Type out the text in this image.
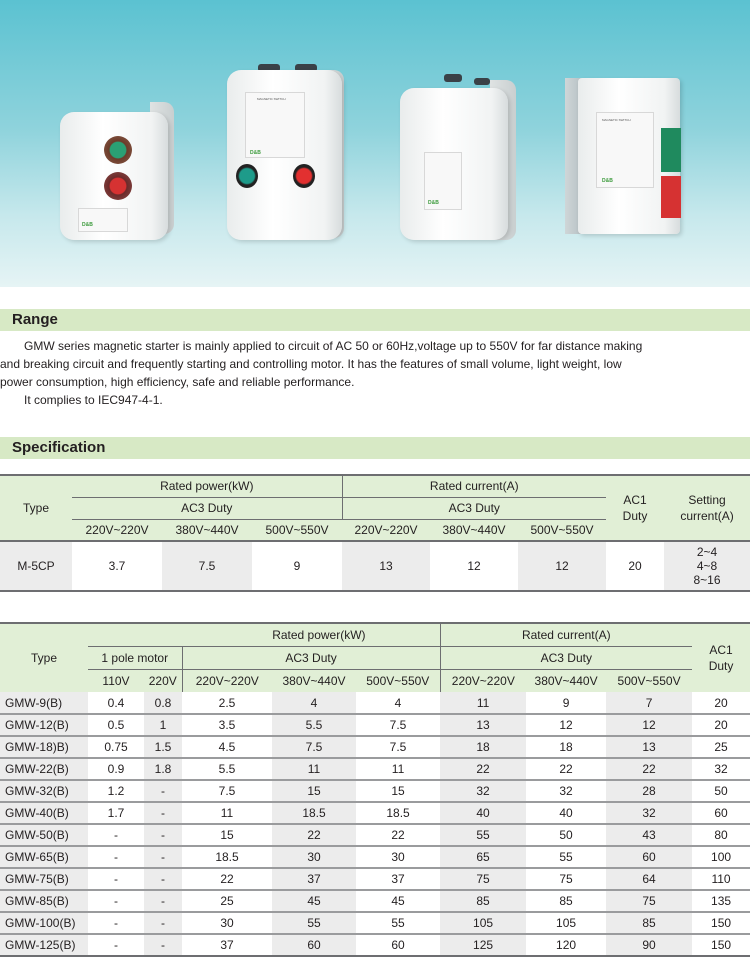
D&B
MAGNETIC SWITCH
D&B
D&B
MAGNETIC SWITCH
D&B
Range
GMW series magnetic starter is mainly applied to circuit of AC 50 or 60Hz,voltage up to 550V for far distance making
and breaking circuit and frequently starting and controlling motor. It has the features of small volume, light weight, low
power consumption, high efficiency, safe and reliable performance.
It complies to IEC947-4-1.
Specification
Type	Rated power(kW)			Rated current(A)			AC1 Duty	Setting current(A)
	AC3 Duty			AC3 Duty				
	220V~220V	380V~440V	500V~550V	220V~220V	380V~440V	500V~550V		
M-5CP	3.7	7.5	9	13	12	12	20	2~4
4~8
8~16
Type	Rated power(kW)					Rated current(A)			AC1 Duty
	1 pole motor		AC3 Duty			AC3 Duty			
	110V	220V	220V~220V	380V~440V	500V~550V	220V~220V	380V~440V	500V~550V	
GMW-9(B)	0.4	0.8	2.5	4	4	11	9	7	20
GMW-12(B)	0.5	1	3.5	5.5	7.5	13	12	12	20
GMW-18)B)	0.75	1.5	4.5	7.5	7.5	18	18	13	25
GMW-22(B)	0.9	1.8	5.5	11	11	22	22	22	32
GMW-32(B)	1.2	-	7.5	15	15	32	32	28	50
GMW-40(B)	1.7	-	11	18.5	18.5	40	40	32	60
GMW-50(B)	-	-	15	22	22	55	50	43	80
GMW-65(B)	-	-	18.5	30	30	65	55	60	100
GMW-75(B)	-	-	22	37	37	75	75	64	110
GMW-85(B)	-	-	25	45	45	85	85	75	135
GMW-100(B)	-	-	30	55	55	105	105	85	150
GMW-125(B)	-	-	37	60	60	125	120	90	150
